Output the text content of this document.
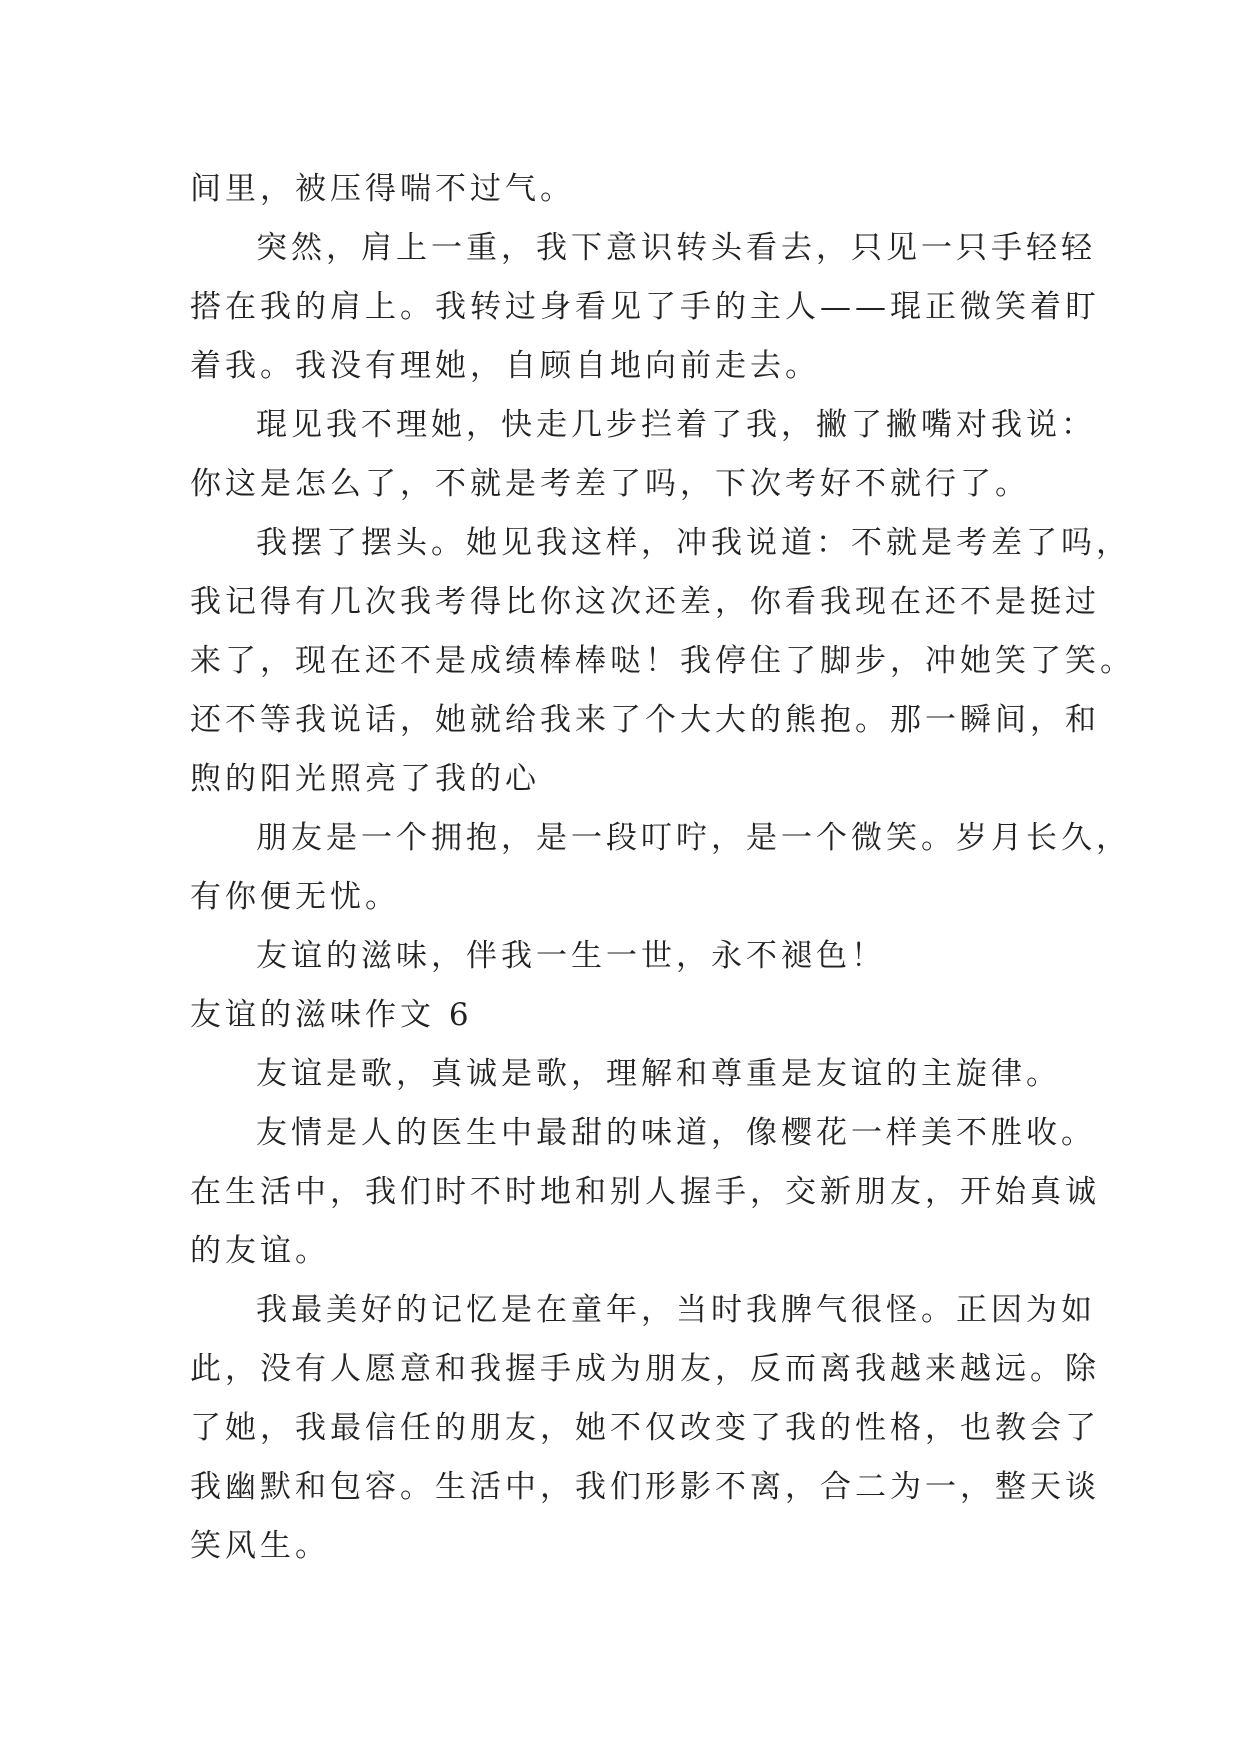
间里，被压得喘不过气。
突然，肩上一重，我下意识转头看去，只见一只手轻轻
搭在我的肩上。我转过身看见了手的主人——琨正微笑着盯
着我。我没有理她，自顾自地向前走去。
琨见我不理她，快走几步拦着了我，撇了撇嘴对我说：
你这是怎么了，不就是考差了吗，下次考好不就行了。
我摆了摆头。她见我这样，冲我说道：不就是考差了吗，
我记得有几次我考得比你这次还差，你看我现在还不是挺过
来了，现在还不是成绩棒棒哒！我停住了脚步，冲她笑了笑。
还不等我说话，她就给我来了个大大的熊抱。那一瞬间，和
煦的阳光照亮了我的心
朋友是一个拥抱，是一段叮咛，是一个微笑。岁月长久，
有你便无忧。
友谊的滋味，伴我一生一世，永不褪色！
友谊的滋味作文 6
友谊是歌，真诚是歌，理解和尊重是友谊的主旋律。
友情是人的医生中最甜的味道，像樱花一样美不胜收。
在生活中，我们时不时地和别人握手，交新朋友，开始真诚
的友谊。
我最美好的记忆是在童年，当时我脾气很怪。正因为如
此，没有人愿意和我握手成为朋友，反而离我越来越远。除
了她，我最信任的朋友，她不仅改变了我的性格，也教会了
我幽默和包容。生活中，我们形影不离，合二为一，整天谈
笑风生。
